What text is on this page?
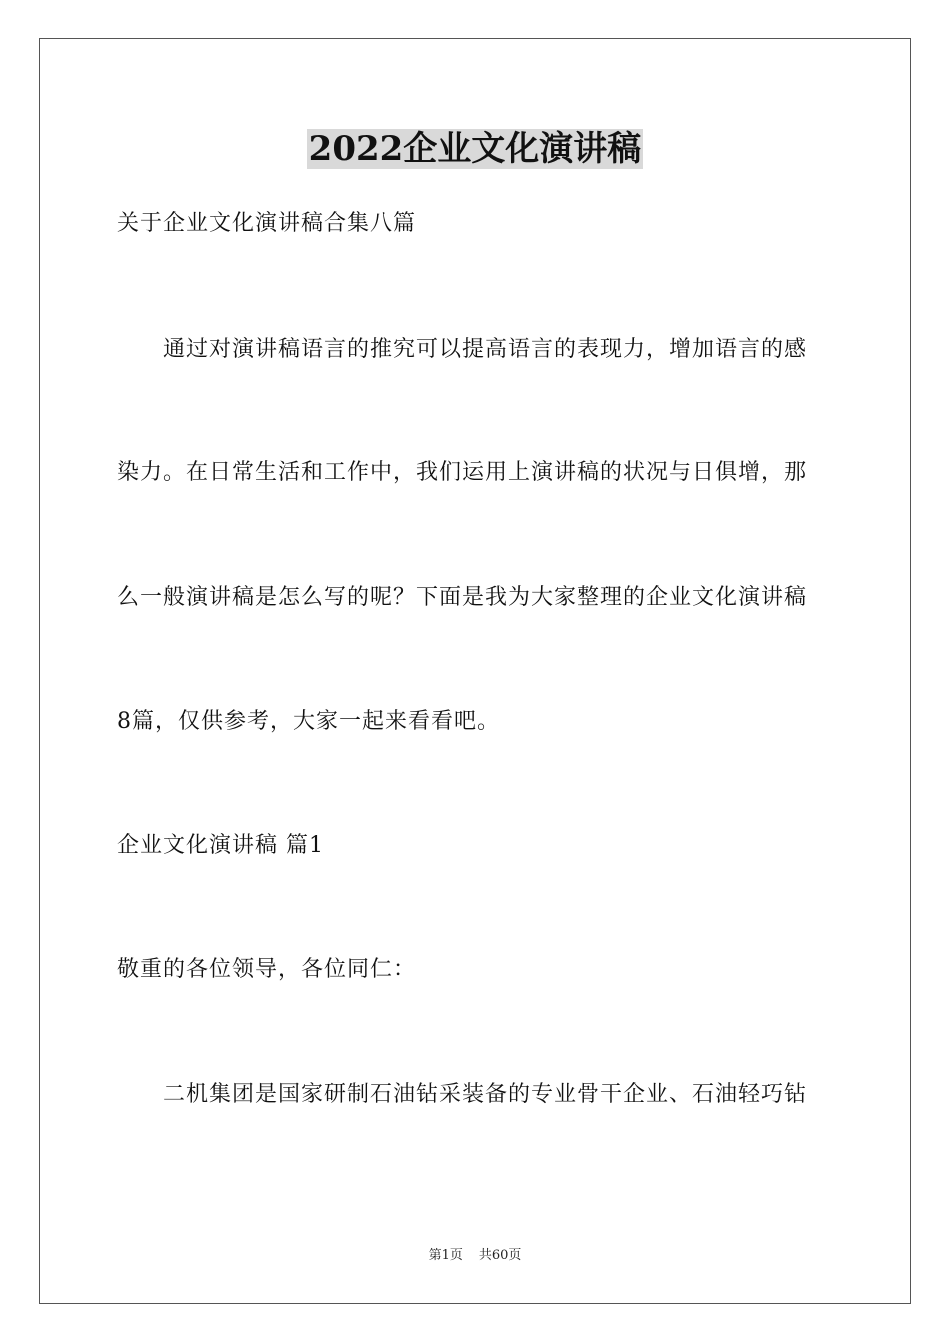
2022企业文化演讲稿
关于企业文化演讲稿合集八篇
通过对演讲稿语言的推究可以提高语言的表现力，增加语言的感
染力。在日常生活和工作中，我们运用上演讲稿的状况与日俱增，那
么一般演讲稿是怎么写的呢？下面是我为大家整理的企业文化演讲稿
8篇，仅供参考，大家一起来看看吧。
企业文化演讲稿 篇1
敬重的各位领导，各位同仁：
二机集团是国家研制石油钻采装备的专业骨干企业、石油轻巧钻
第1页 共60页
